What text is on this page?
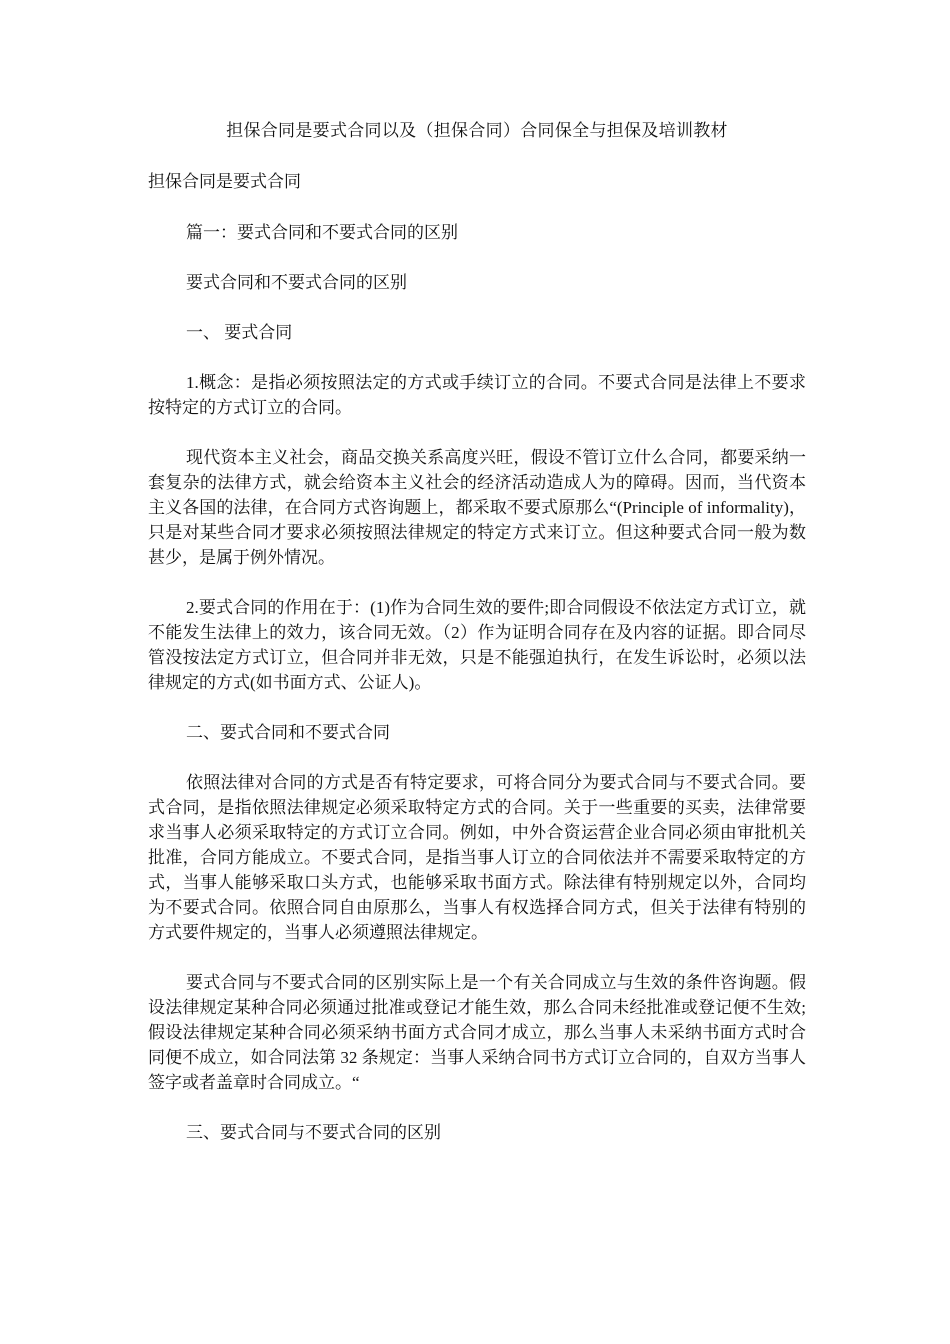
担保合同是要式合同以及（担保合同）合同保全与担保及培训教材
担保合同是要式合同
篇一：要式合同和不要式合同的区别
要式合同和不要式合同的区别
一、 要式合同
1.概念：是指必须按照法定的方式或手续订立的合同。不要式合同是法律上不要求按特定的方式订立的合同。
现代资本主义社会，商品交换关系高度兴旺，假设不管订立什么合同，都要采纳一套复杂的法律方式，就会给资本主义社会的经济活动造成人为的障碍。因而，当代资本主义各国的法律，在合同方式咨询题上，都采取不要式原那么“(Principle of informality)，只是对某些合同才要求必须按照法律规定的特定方式来订立。但这种要式合同一般为数甚少，是属于例外情况。
2.要式合同的作用在于：(1)作为合同生效的要件;即合同假设不依法定方式订立，就不能发生法律上的效力，该合同无效。（2）作为证明合同存在及内容的证据。即合同尽管没按法定方式订立，但合同并非无效，只是不能强迫执行，在发生诉讼时，必须以法律规定的方式(如书面方式、公证人)。
二、要式合同和不要式合同
依照法律对合同的方式是否有特定要求，可将合同分为要式合同与不要式合同。要式合同，是指依照法律规定必须采取特定方式的合同。关于一些重要的买卖，法律常要求当事人必须采取特定的方式订立合同。例如，中外合资运营企业合同必须由审批机关批准，合同方能成立。不要式合同，是指当事人订立的合同依法并不需要采取特定的方式，当事人能够采取口头方式，也能够采取书面方式。除法律有特别规定以外，合同均为不要式合同。依照合同自由原那么，当事人有权选择合同方式，但关于法律有特别的方式要件规定的，当事人必须遵照法律规定。
要式合同与不要式合同的区别实际上是一个有关合同成立与生效的条件咨询题。假设法律规定某种合同必须通过批准或登记才能生效，那么合同未经批准或登记便不生效;假设法律规定某种合同必须采纳书面方式合同才成立，那么当事人未采纳书面方式时合同便不成立，如合同法第 32 条规定：当事人采纳合同书方式订立合同的，自双方当事人签字或者盖章时合同成立。“
三、要式合同与不要式合同的区别
